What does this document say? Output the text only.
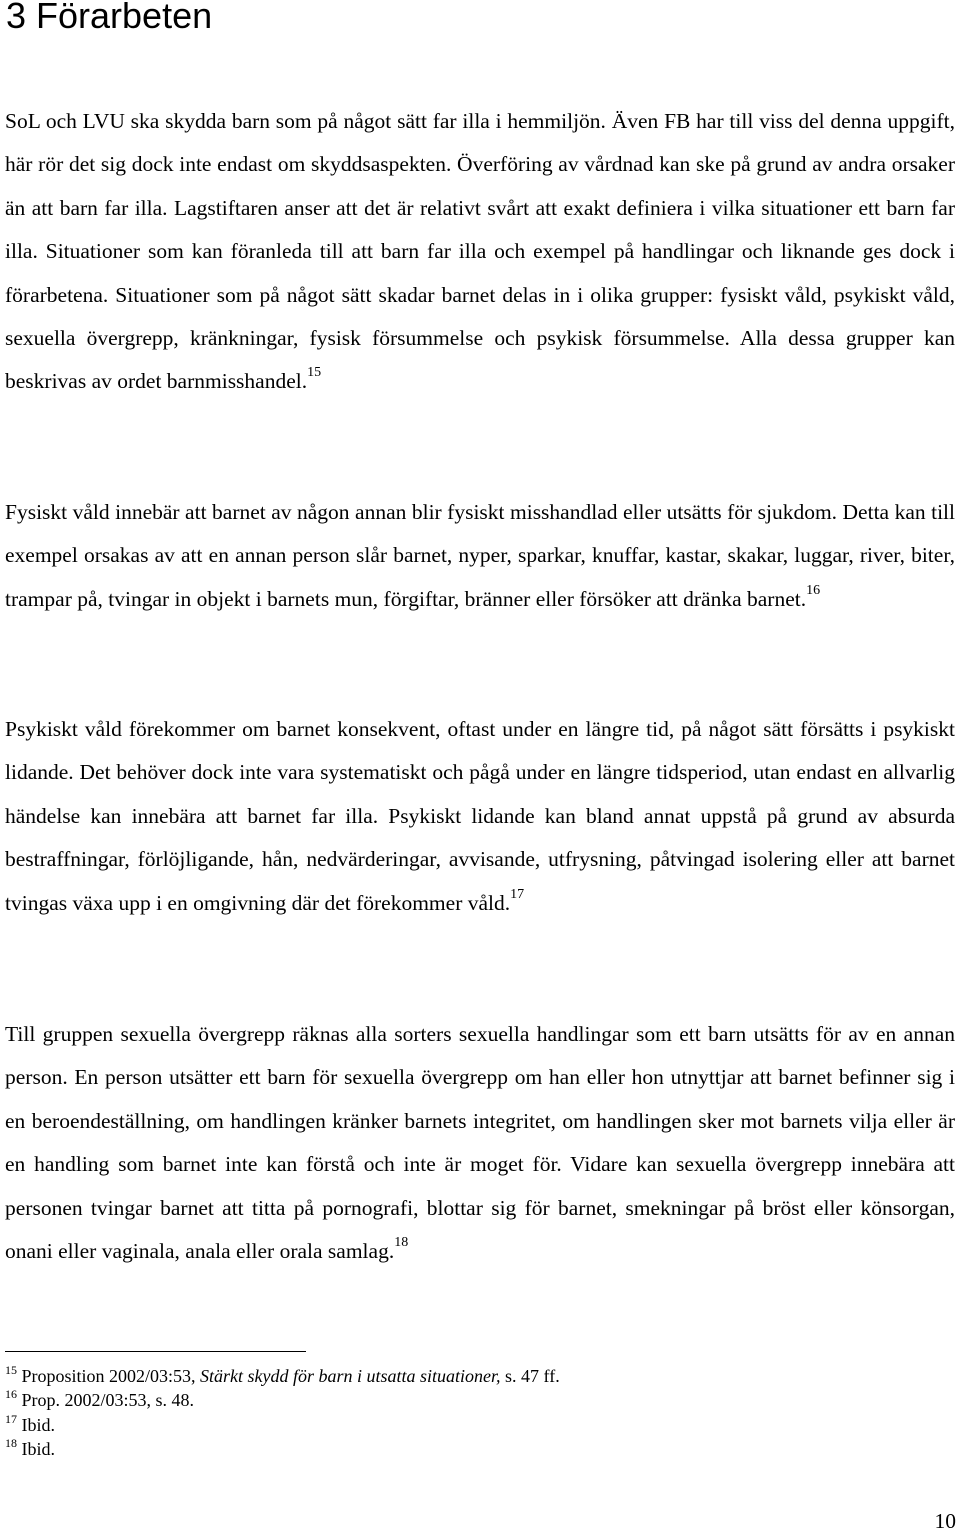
3 Förarbeten

SoL och LVU ska skydda barn som på något sätt far illa i hemmiljön. Även FB har till viss del denna uppgift, här rör det sig dock inte endast om skyddsaspekten. Överföring av vårdnad kan ske på grund av andra orsaker än att barn far illa. Lagstiftaren anser att det är relativt svårt att exakt definiera i vilka situationer ett barn far illa. Situationer som kan föranleda till att barn far illa och exempel på handlingar och liknande ges dock i förarbetena. Situationer som på något sätt skadar barnet delas in i olika grupper: fysiskt våld, psykiskt våld, sexuella övergrepp, kränkningar, fysisk försummelse och psykisk försummelse. Alla dessa grupper kan beskrivas av ordet barnmisshandel.$^{15}$

Fysiskt våld innebär att barnet av någon annan blir fysiskt misshandlad eller utsätts för sjukdom. Detta kan till exempel orsakas av att en annan person slår barnet, nyper, sparkar, knuffar, kastar, skakar, luggar, river, biter, trampar på, tvingar in objekt i barnets mun, förgiftar, bränner eller försöker att dränka barnet.$^{16}$

Psykiskt våld förekommer om barnet konsekvent, oftast under en längre tid, på något sätt försätts i psykiskt lidande. Det behöver dock inte vara systematiskt och pågå under en längre tidsperiod, utan endast en allvarlig händelse kan innebära att barnet far illa. Psykiskt lidande kan bland annat uppstå på grund av absurda bestraffningar, förlöjligande, hån, nedvärderingar, avvisande, utfrysning, påtvingad isolering eller att barnet tvingas växa upp i en omgivning där det förekommer våld.$^{17}$

Till gruppen sexuella övergrepp räknas alla sorters sexuella handlingar som ett barn utsätts för av en annan person. En person utsätter ett barn för sexuella övergrepp om han eller hon utnyttjar att barnet befinner sig i en beroendeställning, om handlingen kränker barnets integritet, om handlingen sker mot barnets vilja eller är en handling som barnet inte kan förstå och inte är moget för. Vidare kan sexuella övergrepp innebära att personen tvingar barnet att titta på pornografi, blottar sig för barnet, smekningar på bröst eller könsorgan, onani eller vaginala, anala eller orala samlag.$^{18}$

$^{15}$ Proposition 2002/03:53, Stärkt skydd för barn i utsatta situationer, s. 47 ff.
$^{16}$ Prop. 2002/03:53, s. 48.
$^{17}$ Ibid.
$^{18}$ Ibid.
10
